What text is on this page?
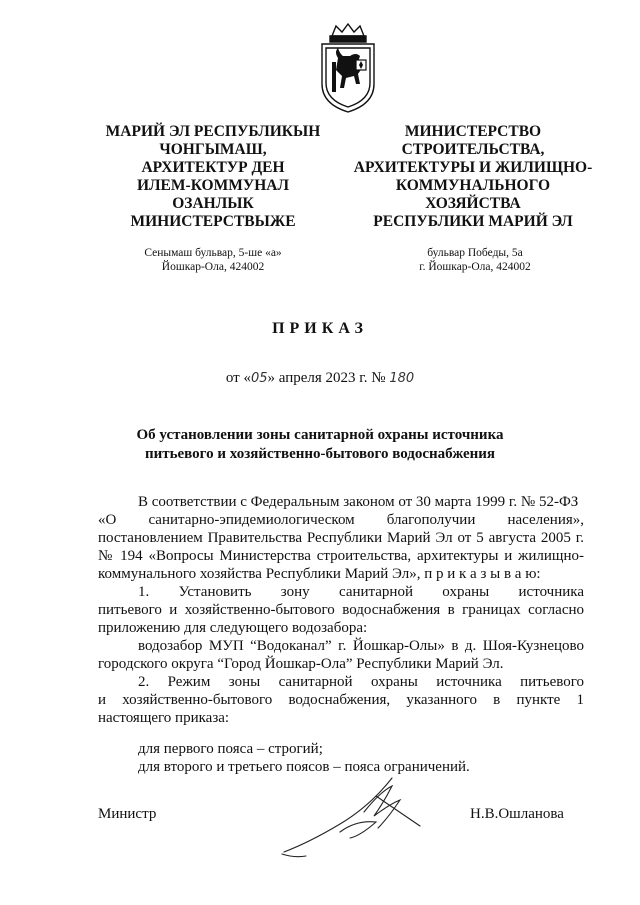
МАРИЙ ЭЛ РЕСПУБЛИКЫН
ЧОНГЫМАШ,
АРХИТЕКТУР ДЕН
ИЛЕМ-КОММУНАЛ
ОЗАНЛЫК
МИНИСТЕРСТВЫЖЕ
МИНИСТЕРСТВО
СТРОИТЕЛЬСТВА,
АРХИТЕКТУРЫ И ЖИЛИЩНО-
КОММУНАЛЬНОГО
ХОЗЯЙСТВА
РЕСПУБЛИКИ МАРИЙ ЭЛ
Сенымаш бульвар, 5-ше «а»
Йошкар-Ола, 424002
бульвар Победы, 5а
г. Йошкар-Ола, 424002
ПРИКАЗ
от «05» апреля 2023 г. № 180
Об установлении зоны санитарной охраны источника
питьевого и хозяйственно-бытового водоснабжения
В соответствии с Федеральным законом от 30 марта 1999 г. № 52-ФЗ
«О санитарно-эпидемиологическом благополучии населения»,
постановлением Правительства Республики Марий Эл от 5 августа 2005 г.
№ 194 «Вопросы Министерства строительства, архитектуры и жилищно-
коммунального хозяйства Республики Марий Эл», п р и к а з ы в а ю:
1. Установить зону санитарной охраны источника
питьевого и хозяйственно-бытового водоснабжения в границах согласно
приложению для следующего водозабора:
водозабор МУП “Водоканал” г. Йошкар-Олы» в д. Шоя-Кузнецово
городского округа “Город Йошкар-Ола” Республики Марий Эл.
2. Режим зоны санитарной охраны источника питьевого
и хозяйственно-бытового водоснабжения, указанного в пункте 1
настоящего приказа:
для первого пояса – строгий;
для второго и третьего поясов – пояса ограничений.
Министр	Н.В.Ошланова
